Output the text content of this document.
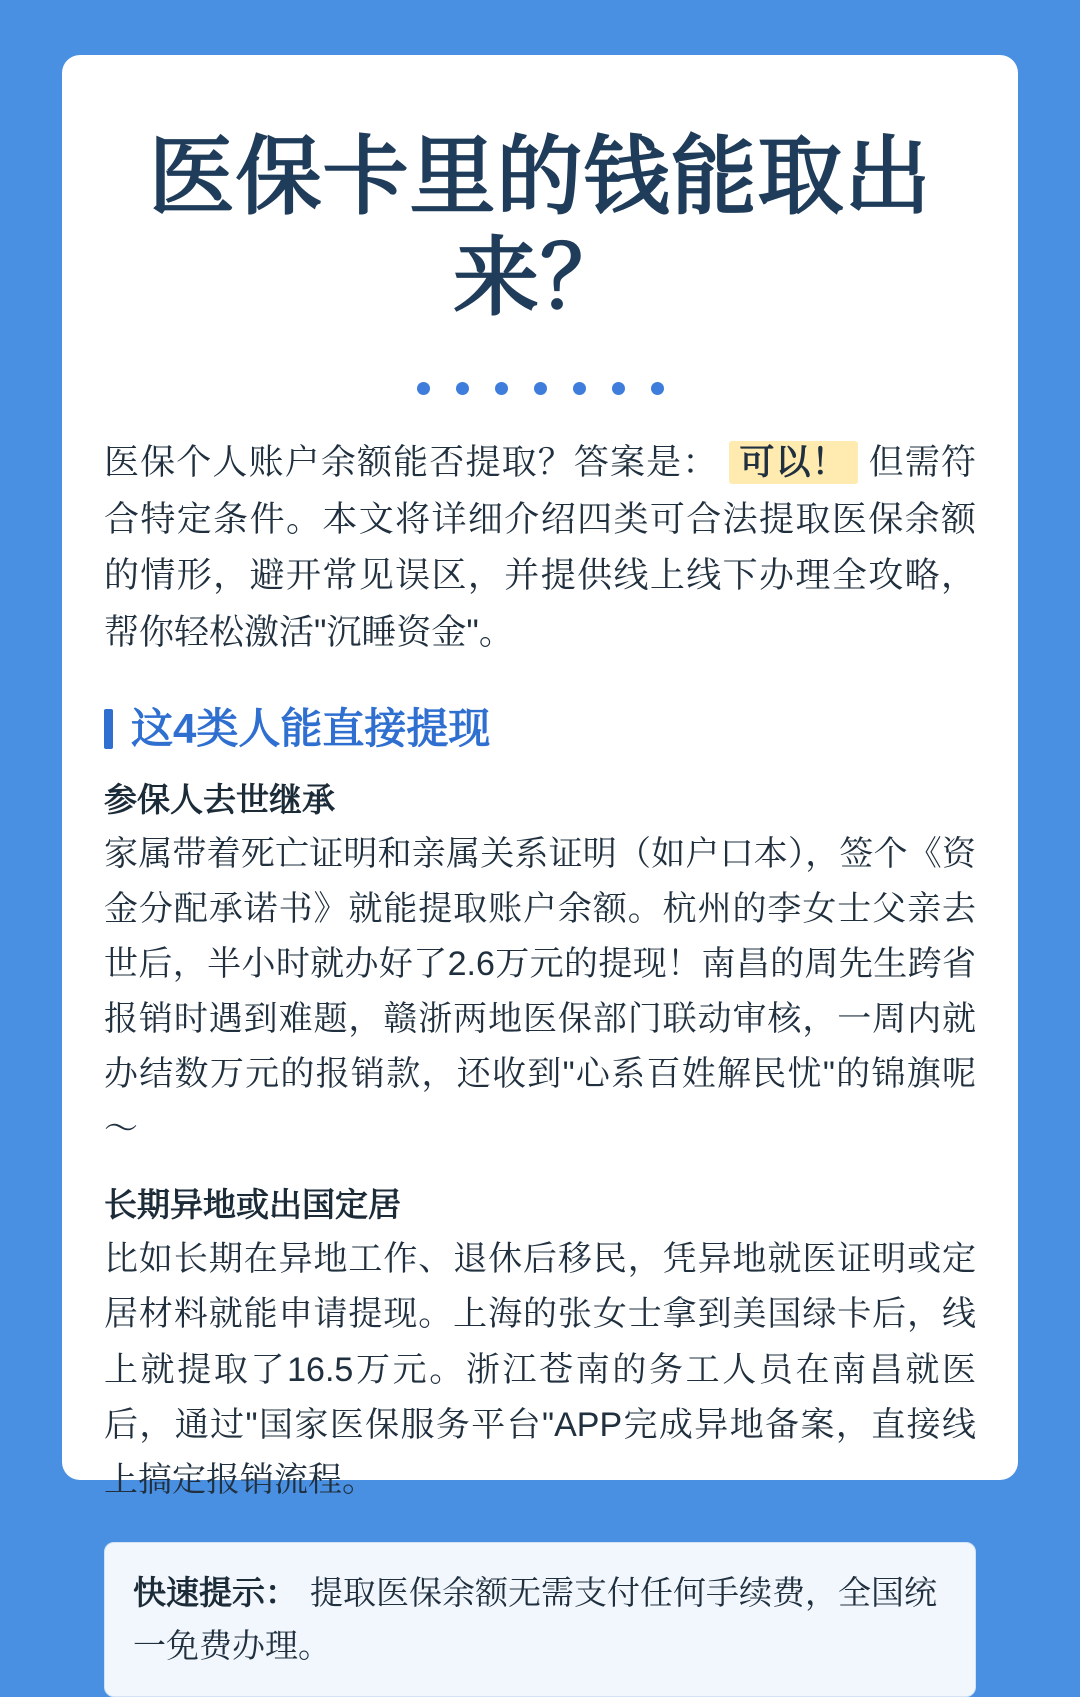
医保卡里的钱能取出来？

医保个人账户余额能否提取？答案是： 可以！ 但需符合特定条件。本文将详细介绍四类可合法提取医保余额的情形，避开常见误区，并提供线上线下办理全攻略，帮你轻松激活"沉睡资金"。

这4类人能直接提现
参保人去世继承

家属带着死亡证明和亲属关系证明（如户口本），签个《资金分配承诺书》就能提取账户余额。杭州的李女士父亲去世后，半小时就办好了2.6万元的提现！南昌的周先生跨省报销时遇到难题，赣浙两地医保部门联动审核，一周内就办结数万元的报销款，还收到"心系百姓解民忧"的锦旗呢～

长期异地或出国定居

比如长期在异地工作、退休后移民，凭异地就医证明或定居材料就能申请提现。上海的张女士拿到美国绿卡后，线上就提取了16.5万元。浙江苍南的务工人员在南昌就医后，通过"国家医保服务平台"APP完成异地备案，直接线上搞定报销流程。

快速提示： 提取医保余额无需支付任何手续费，全国统一免费办理。
